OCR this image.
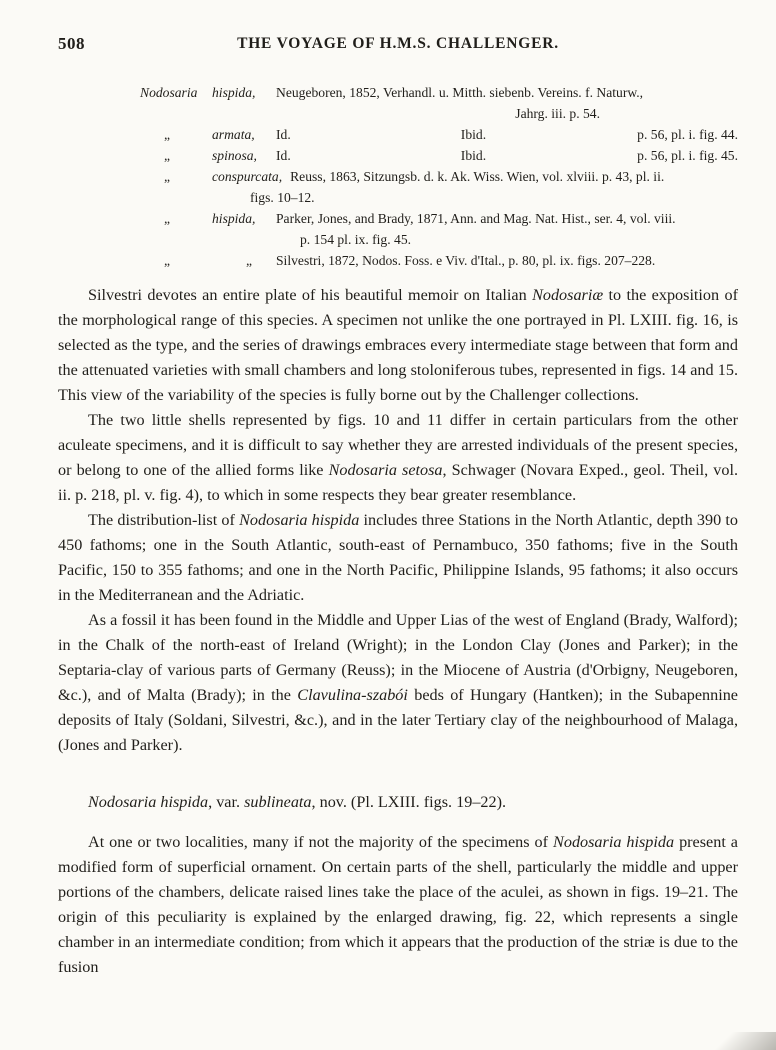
508	THE VOYAGE OF H.M.S. CHALLENGER.
Nodosaria	hispida,	Neugeboren, 1852, Verhandl. u. Mitth. siebenb. Vereins. f. Naturw.,
Jahrg. iii. p. 54.
„	armata,	Id.	Ibid.	p. 56, pl. i. fig. 44.
„	spinosa,	Id.	Ibid.	p. 56, pl. i. fig. 45.
„	conspurcata, Reuss, 1863, Sitzungsb. d. k. Ak. Wiss. Wien, vol. xlviii. p. 43, pl. ii.
figs. 10–12.
„	hispida,	Parker, Jones, and Brady, 1871, Ann. and Mag. Nat. Hist., ser. 4, vol. viii.
p. 154 pl. ix. fig. 45.
„	„	Silvestri, 1872, Nodos. Foss. e Viv. d'Ital., p. 80, pl. ix. figs. 207–228.

Silvestri devotes an entire plate of his beautiful memoir on Italian Nodosariæ to the exposition of the morphological range of this species. A specimen not unlike the one portrayed in Pl. LXIII. fig. 16, is selected as the type, and the series of drawings embraces every intermediate stage between that form and the attenuated varieties with small chambers and long stoloniferous tubes, represented in figs. 14 and 15. This view of the variability of the species is fully borne out by the Challenger collections.

The two little shells represented by figs. 10 and 11 differ in certain particulars from the other aculeate specimens, and it is difficult to say whether they are arrested individuals of the present species, or belong to one of the allied forms like Nodosaria setosa, Schwager (Novara Exped., geol. Theil, vol. ii. p. 218, pl. v. fig. 4), to which in some respects they bear greater resemblance.

The distribution-list of Nodosaria hispida includes three Stations in the North Atlantic, depth 390 to 450 fathoms; one in the South Atlantic, south-east of Pernambuco, 350 fathoms; five in the South Pacific, 150 to 355 fathoms; and one in the North Pacific, Philippine Islands, 95 fathoms; it also occurs in the Mediterranean and the Adriatic.

As a fossil it has been found in the Middle and Upper Lias of the west of England (Brady, Walford); in the Chalk of the north-east of Ireland (Wright); in the London Clay (Jones and Parker); in the Septaria-clay of various parts of Germany (Reuss); in the Miocene of Austria (d'Orbigny, Neugeboren, &c.), and of Malta (Brady); in the Clavulina-szabói beds of Hungary (Hantken); in the Subapennine deposits of Italy (Soldani, Silvestri, &c.), and in the later Tertiary clay of the neighbourhood of Malaga, (Jones and Parker).

Nodosaria hispida, var. sublineata, nov. (Pl. LXIII. figs. 19–22).

At one or two localities, many if not the majority of the specimens of Nodosaria hispida present a modified form of superficial ornament. On certain parts of the shell, particularly the middle and upper portions of the chambers, delicate raised lines take the place of the aculei, as shown in figs. 19–21. The origin of this peculiarity is explained by the enlarged drawing, fig. 22, which represents a single chamber in an intermediate condition; from which it appears that the production of the striæ is due to the fusion
